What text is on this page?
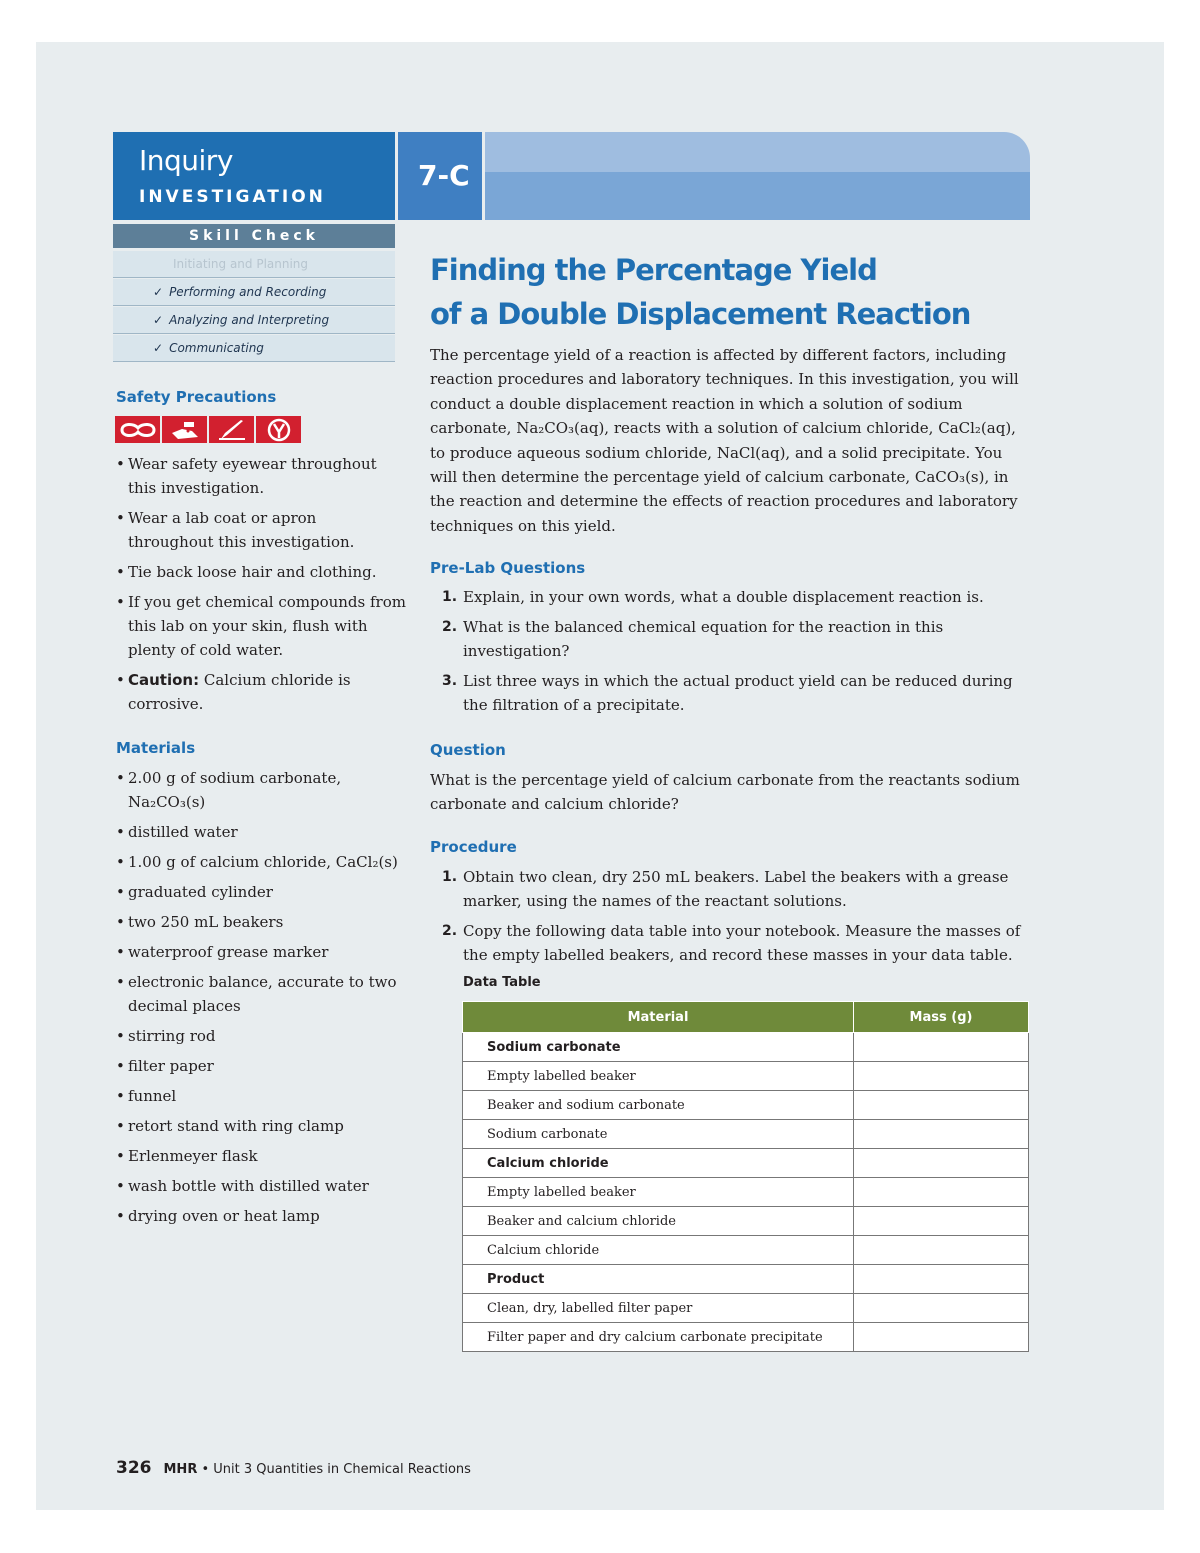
Inquiry
INVESTIGATION
7-C
Skill Check
Initiating and Planning
✓ Performing and Recording
✓ Analyzing and Interpreting
✓ Communicating
Safety Precautions
• Wear safety eyewear throughout this investigation.
• Wear a lab coat or apron throughout this investigation.
• Tie back loose hair and clothing.
• If you get chemical compounds from this lab on your skin, flush with plenty of cold water.
• Caution: Calcium chloride is corrosive.
Materials
• 2.00 g of sodium carbonate, Na₂CO₃(s)
• distilled water
• 1.00 g of calcium chloride, CaCl₂(s)
• graduated cylinder
• two 250 mL beakers
• waterproof grease marker
• electronic balance, accurate to two decimal places
• stirring rod
• filter paper
• funnel
• retort stand with ring clamp
• Erlenmeyer flask
• wash bottle with distilled water
• drying oven or heat lamp
Finding the Percentage Yield
of a Double Displacement Reaction
The percentage yield of a reaction is affected by different factors, including reaction procedures and laboratory techniques. In this investigation, you will conduct a double displacement reaction in which a solution of sodium carbonate, Na₂CO₃(aq), reacts with a solution of calcium chloride, CaCl₂(aq), to produce aqueous sodium chloride, NaCl(aq), and a solid precipitate. You will then determine the percentage yield of calcium carbonate, CaCO₃(s), in the reaction and determine the effects of reaction procedures and laboratory techniques on this yield.
Pre-Lab Questions
1. Explain, in your own words, what a double displacement reaction is.
2. What is the balanced chemical equation for the reaction in this investigation?
3. List three ways in which the actual product yield can be reduced during the filtration of a precipitate.
Question
What is the percentage yield of calcium carbonate from the reactants sodium carbonate and calcium chloride?
Procedure
1. Obtain two clean, dry 250 mL beakers. Label the beakers with a grease marker, using the names of the reactant solutions.
2. Copy the following data table into your notebook. Measure the masses of the empty labelled beakers, and record these masses in your data table.
Data Table
Material	Mass (g)
Sodium carbonate	
Empty labelled beaker	
Beaker and sodium carbonate	
Sodium carbonate	
Calcium chloride	
Empty labelled beaker	
Beaker and calcium chloride	
Calcium chloride	
Product	
Clean, dry, labelled filter paper	
Filter paper and dry calcium carbonate precipitate	
326 MHR • Unit 3 Quantities in Chemical Reactions
